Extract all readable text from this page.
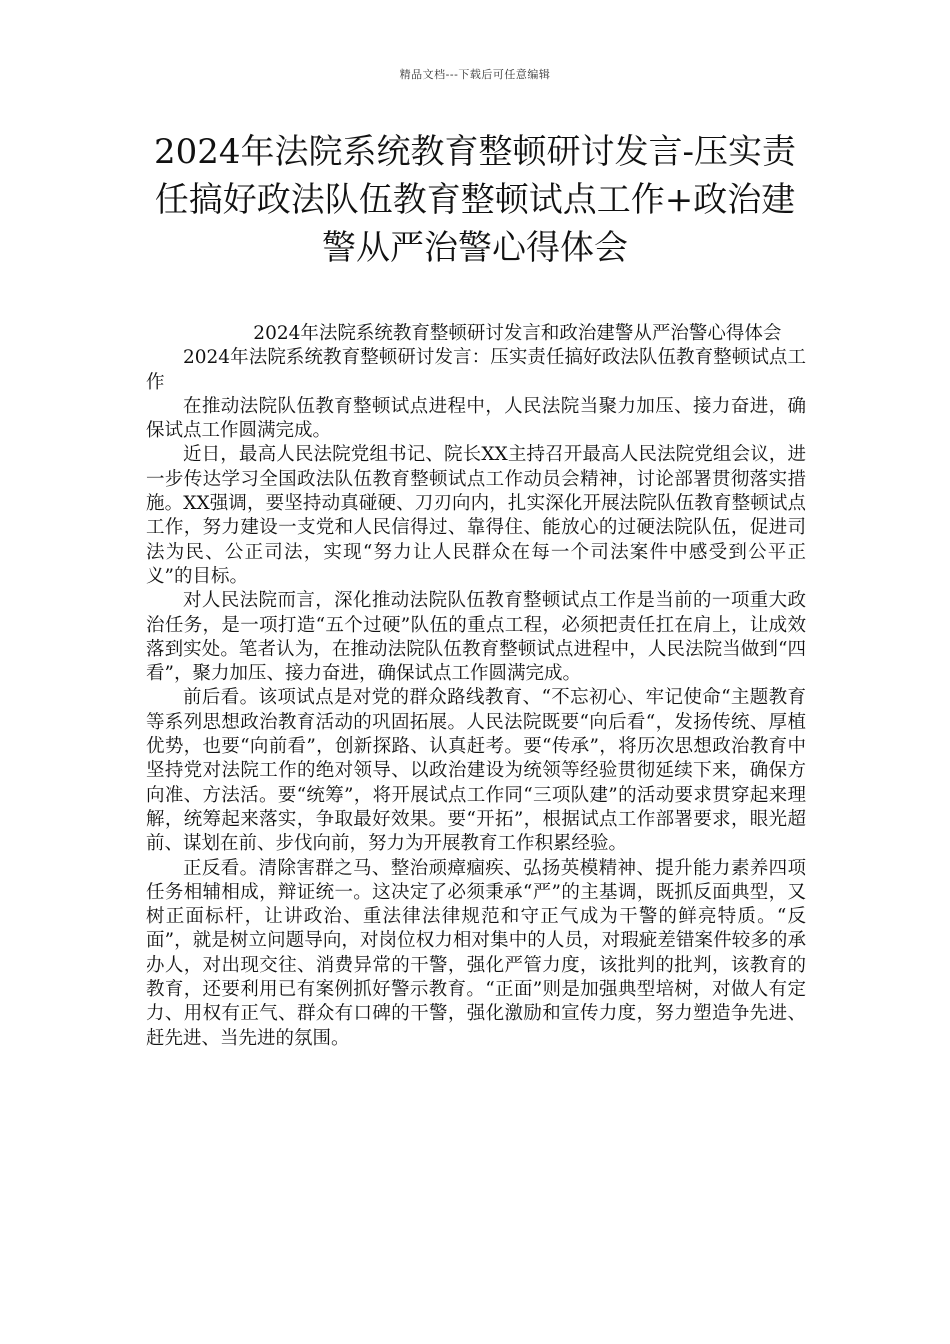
精品文档---下载后可任意编辑
2024年法院系统教育整顿研讨发言-压实责任搞好政法队伍教育整顿试点工作+政治建警从严治警心得体会

2024年法院系统教育整顿研讨发言和政治建警从严治警心得体会

2024年法院系统教育整顿研讨发言：压实责任搞好政法队伍教育整顿试点工作

在推动法院队伍教育整顿试点进程中，人民法院当聚力加压、接力奋进，确保试点工作圆满完成。

近日，最高人民法院党组书记、院长XX主持召开最高人民法院党组会议，进一步传达学习全国政法队伍教育整顿试点工作动员会精神，讨论部署贯彻落实措施。XX强调，要坚持动真碰硬、刀刃向内，扎实深化开展法院队伍教育整顿试点工作，努力建设一支党和人民信得过、靠得住、能放心的过硬法院队伍，促进司法为民、公正司法，实现“努力让人民群众在每一个司法案件中感受到公平正义”的目标。

对人民法院而言，深化推动法院队伍教育整顿试点工作是当前的一项重大政治任务，是一项打造“五个过硬”队伍的重点工程，必须把责任扛在肩上，让成效落到实处。笔者认为，在推动法院队伍教育整顿试点进程中，人民法院当做到“四看”，聚力加压、接力奋进，确保试点工作圆满完成。

前后看。该项试点是对党的群众路线教育、“不忘初心、牢记使命“主题教育等系列思想政治教育活动的巩固拓展。人民法院既要“向后看“，发扬传统、厚植优势，也要“向前看”，创新探路、认真赶考。要“传承”，将历次思想政治教育中坚持党对法院工作的绝对领导、以政治建设为统领等经验贯彻延续下来，确保方向准、方法活。要“统筹”，将开展试点工作同“三项队建”的活动要求贯穿起来理解，统筹起来落实，争取最好效果。要“开拓”，根据试点工作部署要求，眼光超前、谋划在前、步伐向前，努力为开展教育工作积累经验。

正反看。清除害群之马、整治顽瘴痼疾、弘扬英模精神、提升能力素养四项任务相辅相成，辩证统一。这决定了必须秉承“严”的主基调，既抓反面典型，又树正面标杆，让讲政治、重法律法律规范和守正气成为干警的鲜亮特质。“反面”，就是树立问题导向，对岗位权力相对集中的人员，对瑕疵差错案件较多的承办人，对出现交往、消费异常的干警，强化严管力度，该批判的批判，该教育的教育，还要利用已有案例抓好警示教育。“正面”则是加强典型培树，对做人有定力、用权有正气、群众有口碑的干警，强化激励和宣传力度，努力塑造争先进、赶先进、当先进的氛围。
